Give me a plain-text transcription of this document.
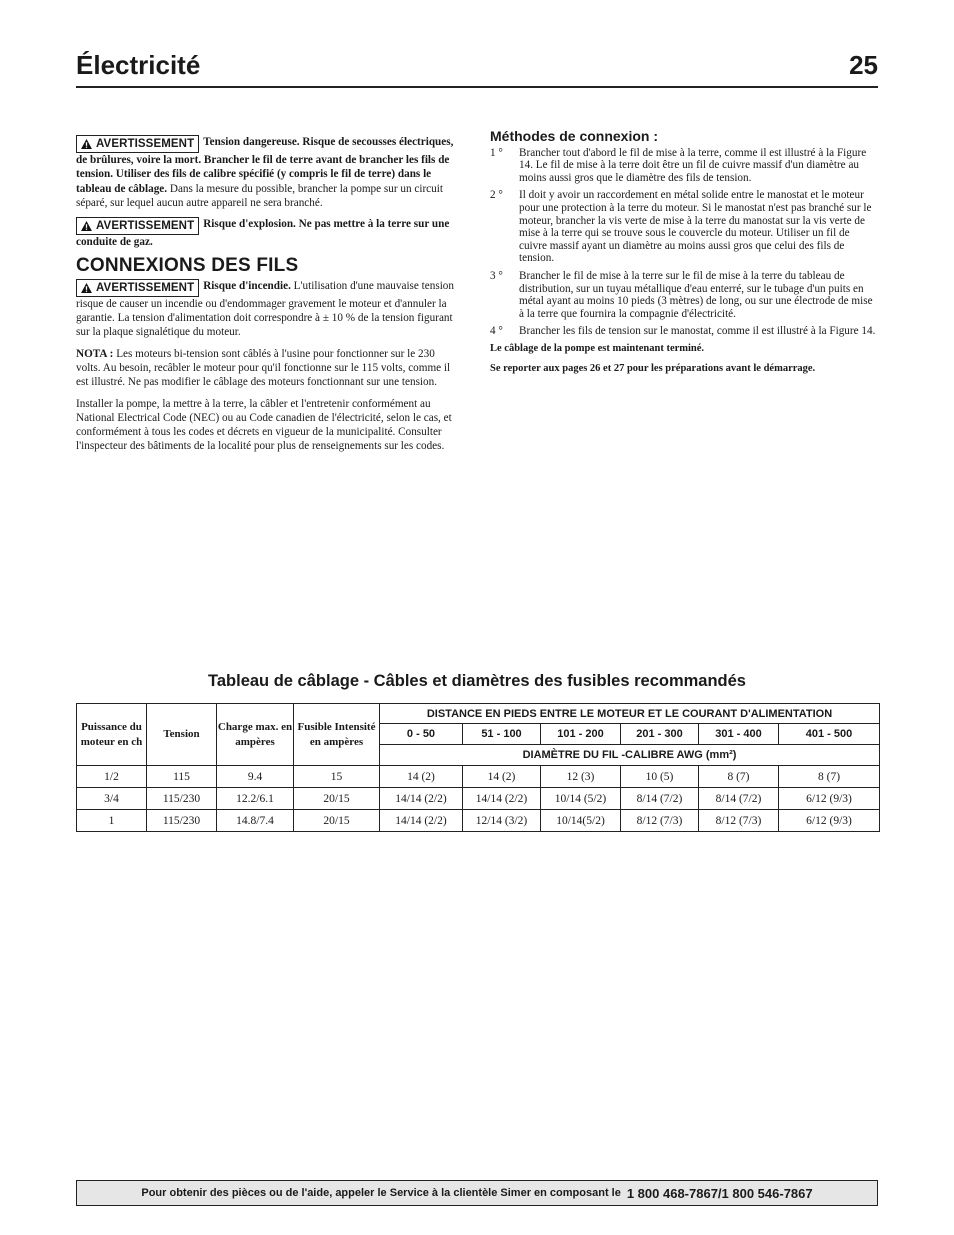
Électricité	25

AVERTISSEMENT Tension dangereuse. Risque de secousses électriques, de brûlures, voire la mort. Brancher le fil de terre avant de brancher les fils de tension. Utiliser des fils de calibre spécifié (y compris le fil de terre) dans le tableau de câblage. Dans la mesure du possible, brancher la pompe sur un circuit séparé, sur lequel aucun autre appareil ne sera branché.

AVERTISSEMENT Risque d'explosion. Ne pas mettre à la terre sur une conduite de gaz.

CONNEXIONS DES FILS

AVERTISSEMENT Risque d'incendie. L'utilisation d'une mauvaise tension risque de causer un incendie ou d'endommager gravement le moteur et d'annuler la garantie. La tension d'alimentation doit correspondre à ± 10 % de la tension figurant sur la plaque signalétique du moteur.

NOTA : Les moteurs bi-tension sont câblés à l'usine pour fonctionner sur le 230 volts. Au besoin, recâbler le moteur pour qu'il fonctionne sur le 115 volts, comme il est illustré. Ne pas modifier le câblage des moteurs fonctionnant sur une tension.

Installer la pompe, la mettre à la terre, la câbler et l'entretenir conformément au National Electrical Code (NEC) ou au Code canadien de l'électricité, selon le cas, et conformément à tous les codes et décrets en vigueur de la municipalité. Consulter l'inspecteur des bâtiments de la localité pour plus de renseignements sur les codes.

Méthodes de connexion :
1 °	Brancher tout d'abord le fil de mise à la terre, comme il est illustré à la Figure 14. Le fil de mise à la terre doit être un fil de cuivre massif d'un diamètre au moins aussi gros que le diamètre des fils de tension.
2 °	Il doit y avoir un raccordement en métal solide entre le manostat et le moteur pour une protection à la terre du moteur. Si le manostat n'est pas branché sur le moteur, brancher la vis verte de mise à la terre du manostat sur la vis verte de mise à la terre qui se trouve sous le couvercle du moteur. Utiliser un fil de cuivre massif ayant un diamètre au moins aussi gros que celui des fils de tension.
3 °	Brancher le fil de mise à la terre sur le fil de mise à la terre du tableau de distribution, sur un tuyau métallique d'eau enterré, sur le tubage d'un puits en métal ayant au moins 10 pieds (3 mètres) de long, ou sur une électrode de mise à la terre que fournira la compagnie d'électricité.
4 °	Brancher les fils de tension sur le manostat, comme il est illustré à la Figure 14.

Le câblage de la pompe est maintenant terminé.

Se reporter aux pages 26 et 27 pour les préparations avant le démarrage.

Tableau de câblage - Câbles et diamètres des fusibles recommandés
Puissance du moteur en ch	Tension	Charge max. en ampères	Fusible Intensité en ampères	DISTANCE EN PIEDS ENTRE LE MOTEUR ET LE COURANT D'ALIMENTATION					
				0 - 50	51 - 100	101 - 200	201 - 300	301 - 400	401 - 500
				DIAMÈTRE DU FIL -CALIBRE AWG (mm²)					
1/2	115	9.4	15	14 (2)	14 (2)	12 (3)	10 (5)	8 (7)	8 (7)
3/4	115/230	12.2/6.1	20/15	14/14 (2/2)	14/14 (2/2)	10/14 (5/2)	8/14 (7/2)	8/14 (7/2)	6/12 (9/3)
1	115/230	14.8/7.4	20/15	14/14 (2/2)	12/14 (3/2)	10/14(5/2)	8/12 (7/3)	8/12 (7/3)	6/12 (9/3)
Pour obtenir des pièces ou de l'aide, appeler le Service à la clientèle Simer en composant le 1 800 468-7867/1 800 546-7867
